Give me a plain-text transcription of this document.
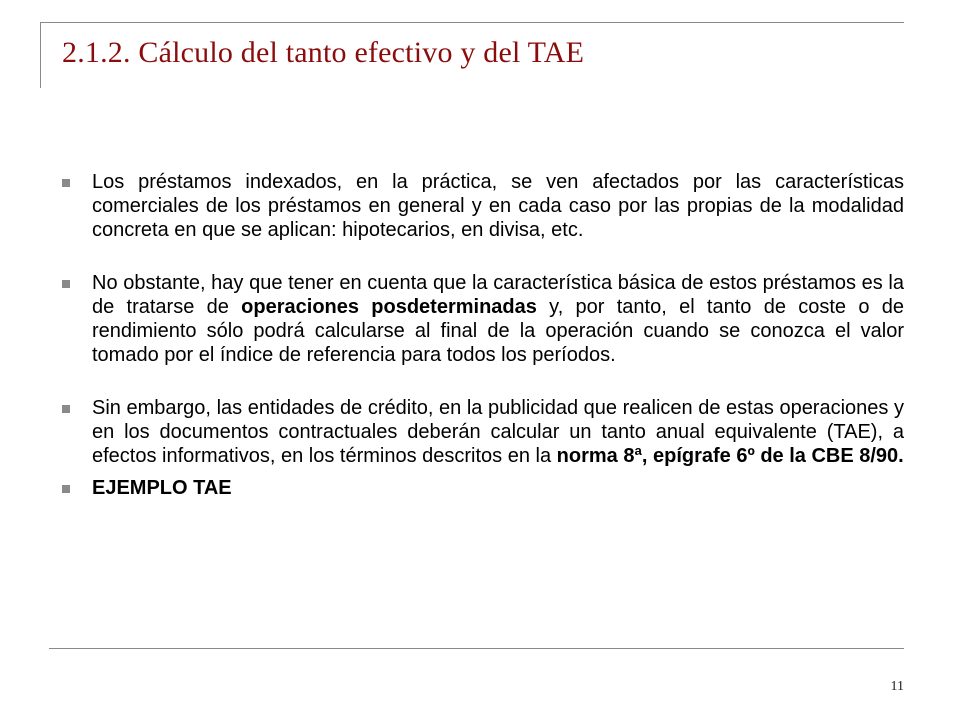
2.1.2. Cálculo del tanto efectivo y del TAE

Los préstamos indexados, en la práctica, se ven afectados por las características comerciales de los préstamos en general y en cada caso por las propias de la modalidad concreta en que se aplican: hipotecarios, en divisa, etc.

No obstante, hay que tener en cuenta que la característica básica de estos préstamos es la de tratarse de operaciones posdeterminadas y, por tanto, el tanto de coste o de rendimiento sólo podrá calcularse al final de la operación cuando se conozca el valor tomado por el índice de referencia para todos los períodos.

Sin embargo, las entidades de crédito, en la publicidad que realicen de estas operaciones y en los documentos contractuales deberán calcular un tanto anual equivalente (TAE), a efectos informativos, en los términos descritos en la norma 8ª, epígrafe 6º de la CBE 8/90.

EJEMPLO TAE

11
